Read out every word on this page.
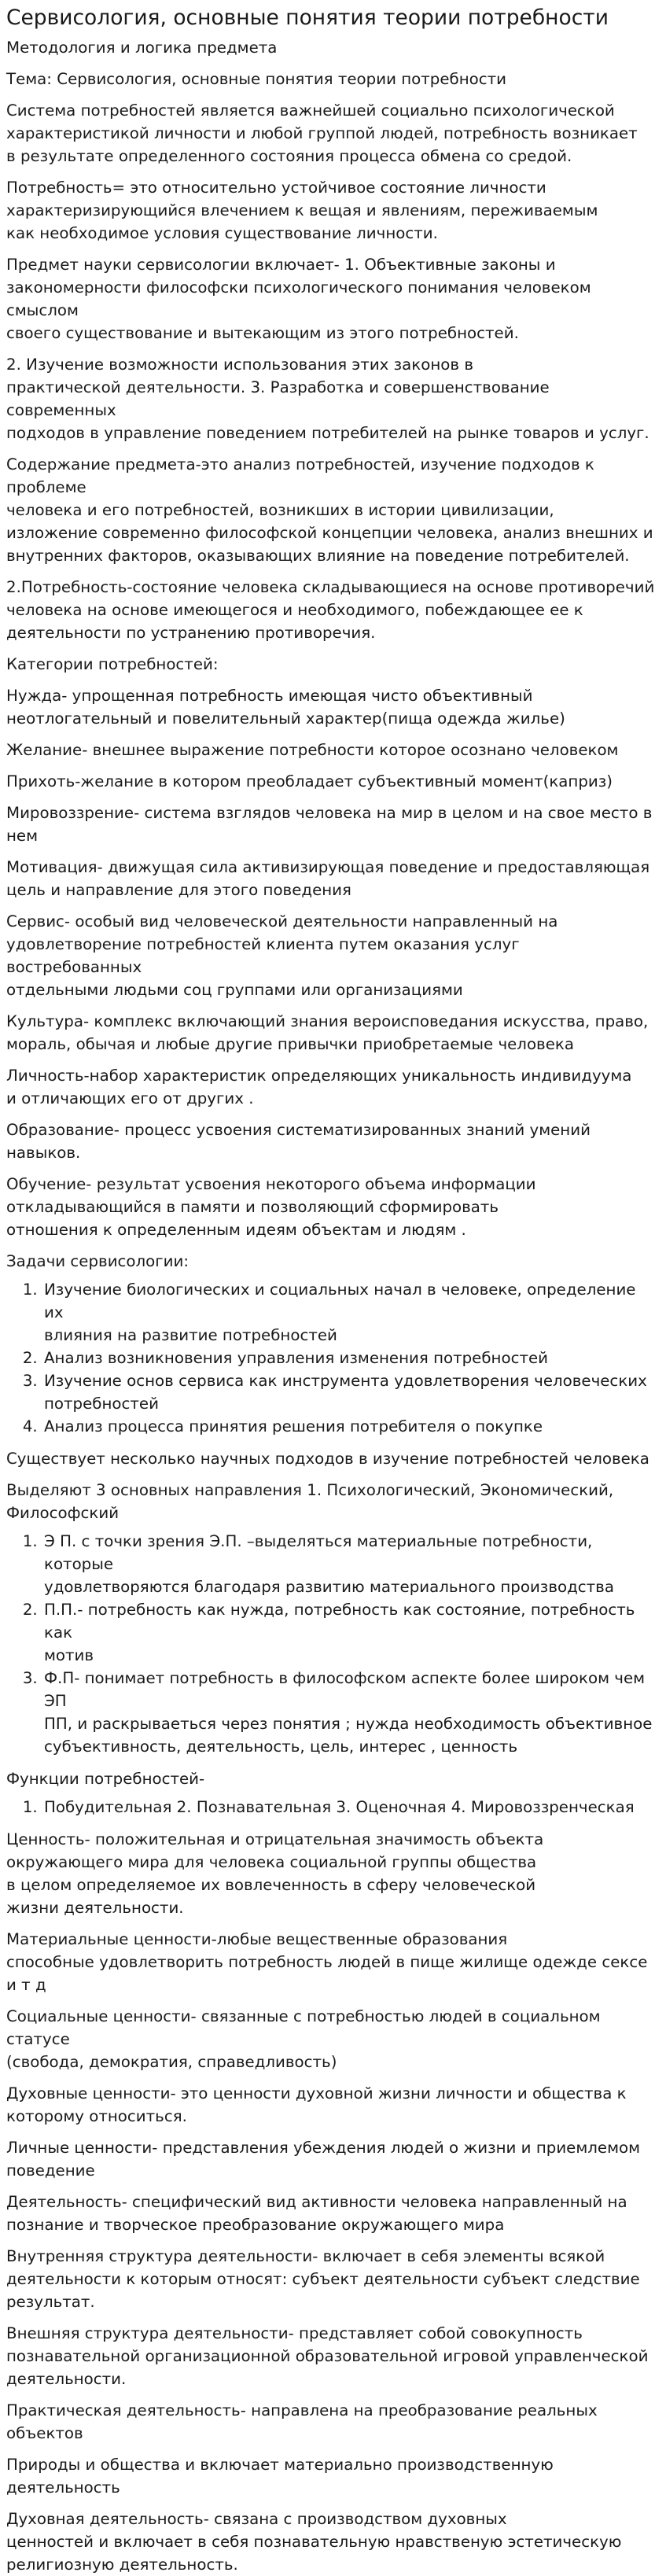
Сервисология, основные понятия теории потребности

Методология и логика предмета

Тема: Сервисология, основные понятия теории потребности

Система потребностей является важнейшей социально психологической
характеристикой личности и любой группой людей, потребность возникает
в результате определенного состояния процесса обмена со средой.

Потребность= это относительно устойчивое состояние личности
характеризирующийся влечением к вещая и явлениям, переживаемым
как необходимое условия существование личности.

Предмет науки сервисологии включает- 1. Объективные законы и
закономерности философски психологического понимания человеком смыслом
своего существование и вытекающим из этого потребностей.

2. Изучение возможности использования этих законов в
практической деятельности. 3. Разработка и совершенствование современных
подходов в управление поведением потребителей на рынке товаров и услуг.

Содержание предмета-это анализ потребностей, изучение подходов к проблеме
человека и его потребностей, возникших в истории цивилизации,
изложение современно философской концепции человека, анализ внешних и
внутренних факторов, оказывающих влияние на поведение потребителей.

2.Потребность-состояние человека складывающиеся на основе противоречий
человека на основе имеющегося и необходимого, побеждающее ее к
деятельности по устранению противоречия.

Категории потребностей:

Нужда- упрощенная потребность имеющая чисто объективный
неотлогательный и повелительный характер(пища одежда жилье)

Желание- внешнее выражение потребности которое осознано человеком

Прихоть-желание в котором преобладает субъективный момент(каприз)

Мировоззрение- система взглядов человека на мир в целом и на свое место в
нем

Мотивация- движущая сила активизирующая поведение и предоставляющая
цель и направление для этого поведения

Сервис- особый вид человеческой деятельности направленный на
удовлетворение потребностей клиента путем оказания услуг востребованных
отдельными людьми соц группами или организациями

Культура- комплекс включающий знания вероисповедания искусства, право,
мораль, обычая и любые другие привычки приобретаемые человека

Личность-набор характеристик определяющих уникальность индивидуума
и отличающих его от других .

Образование- процесс усвоения систематизированных знаний умений навыков.

Обучение- результат усвоения некоторого объема информации
откладывающийся в памяти и позволяющий сформировать
отношения к определенным идеям объектам и людям .

Задачи сервисологии:

1. Изучение биологических и социальных начал в человеке, определение их
влияния на развитие потребностей
2. Анализ возникновения управления изменения потребностей
3. Изучение основ сервиса как инструмента удовлетворения человеческих
потребностей
4. Анализ процесса принятия решения потребителя о покупке

Существует несколько научных подходов в изучение потребностей человека

Выделяют 3 основных направления 1. Психологический, Экономический,
Философский

1. Э П. с точки зрения Э.П. –выделяться материальные потребности, которые
удовлетворяются благодаря развитию материального производства
2. П.П.- потребность как нужда, потребность как состояние, потребность как
мотив
3. Ф.П- понимает потребность в философском аспекте более широком чем ЭП
ПП, и раскрываеться через понятия ; нужда необходимость объективное
субъективность, деятельность, цель, интерес , ценность

Функции потребностей-

1. Побудительная 2. Познавательная 3. Оценочная 4. Мировоззренческая

Ценность- положительная и отрицательная значимость объекта
окружающего мира для человека социальной группы общества
в целом определяемое их вовлеченность в сферу человеческой
жизни деятельности.

Материальные ценности-любые вещественные образования
способные удовлетворить потребность людей в пище жилище одежде сексе
и т д

Социальные ценности- связанные с потребностью людей в социальном статусе
(свобода, демократия, справедливость)

Духовные ценности- это ценности духовной жизни личности и общества к
которому относиться.

Личные ценности- представления убеждения людей о жизни и приемлемом
поведение

Деятельность- специфический вид активности человека направленный на
познание и творческое преобразование окружающего мира

Внутренняя структура деятельности- включает в себя элементы всякой
деятельности к которым относят: субъект деятельности субъект следствие
результат.

Внешняя структура деятельности- представляет собой совокупность
познавательной организационной образовательной игровой управленческой
деятельности.

Практическая деятельность- направлена на преобразование реальных объектов

Природы и общества и включает материально производственную деятельность

Духовная деятельность- связана с производством духовных
ценностей и включает в себя познавательную нравственую эстетическую
религиозную деятельность.
